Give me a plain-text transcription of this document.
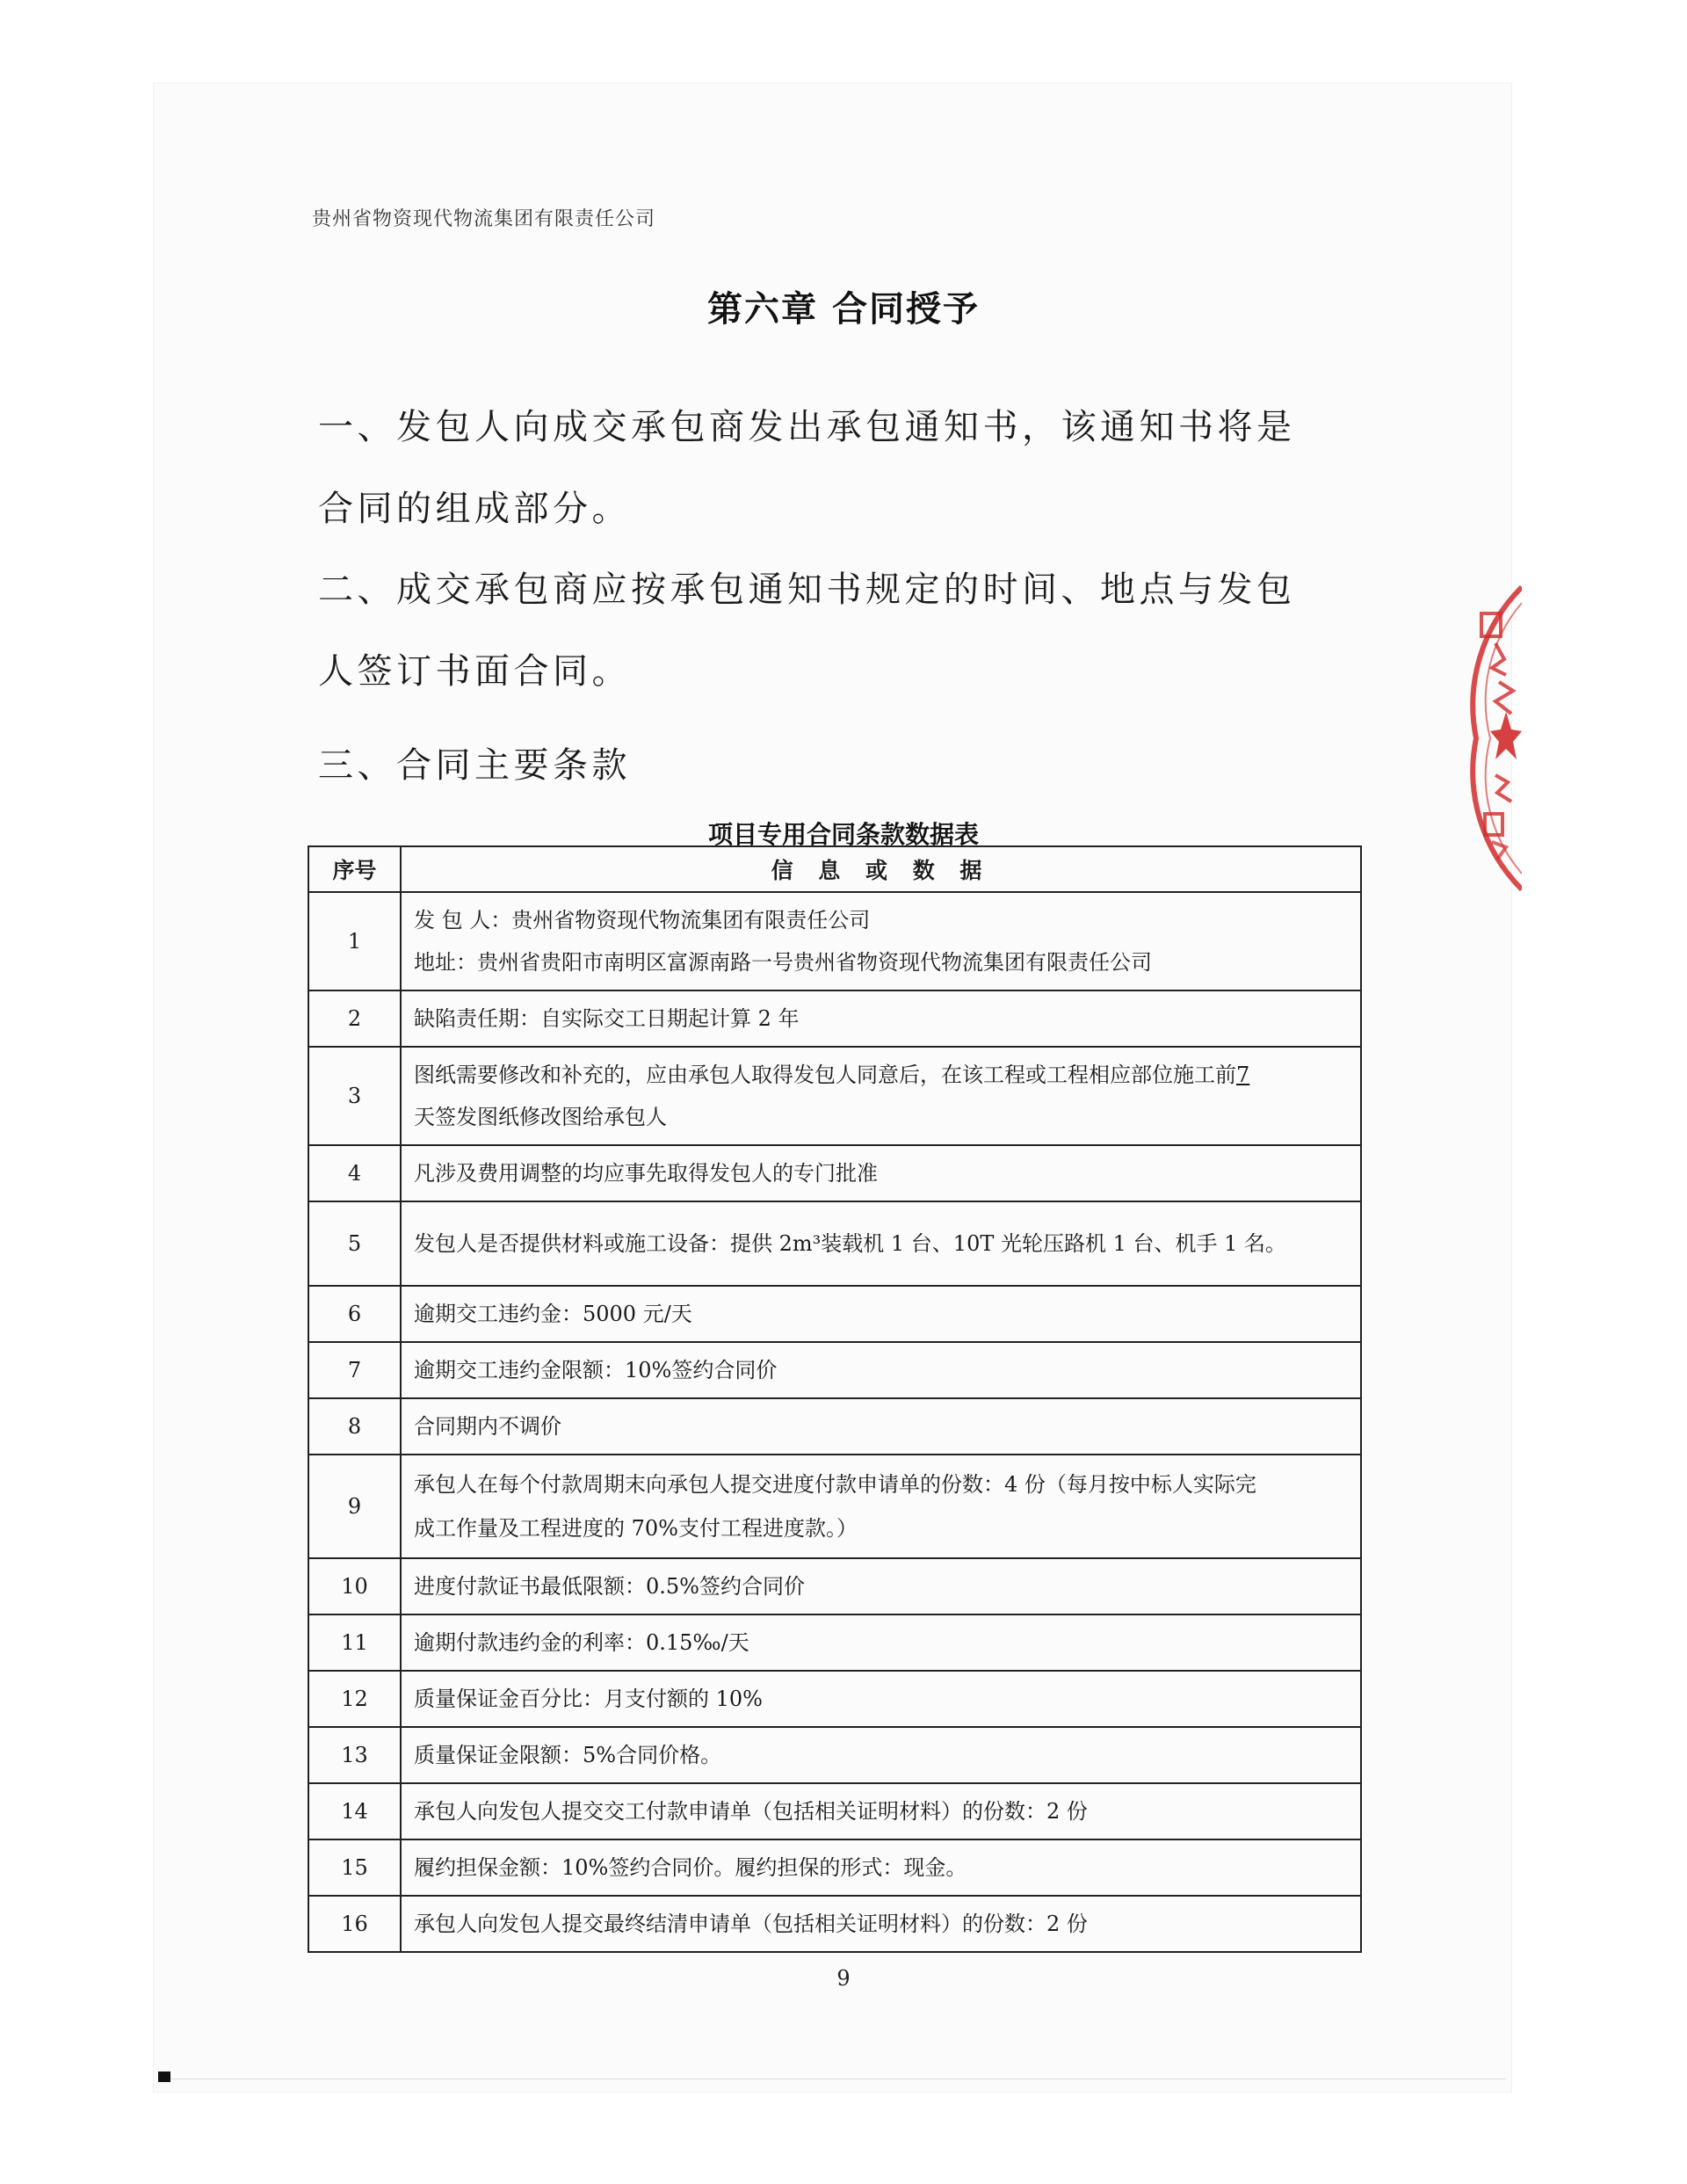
贵州省物资现代物流集团有限责任公司
第六章 合同授予
一、发包人向成交承包商发出承包通知书，该通知书将是合同的组成部分。
二、成交承包商应按承包通知书规定的时间、地点与发包人签订书面合同。
三、合同主要条款
项目专用合同条款数据表
序号	信 息 或 数 据
1	发 包 人：贵州省物资现代物流集团有限责任公司
地址：贵州省贵阳市南明区富源南路一号贵州省物资现代物流集团有限责任公司

2	缺陷责任期：自实际交工日期起计算 2 年

3	图纸需要修改和补充的，应由承包人取得发包人同意后，在该工程或工程相应部位施工前7
天签发图纸修改图给承包人

4	凡涉及费用调整的均应事先取得发包人的专门批准

5	发包人是否提供材料或施工设备：提供 2m³装载机 1 台、10T 光轮压路机 1 台、机手 1 名。

6	逾期交工违约金：5000 元/天

7	逾期交工违约金限额：10%签约合同价

8	合同期内不调价

9	承包人在每个付款周期末向承包人提交进度付款申请单的份数：4 份（每月按中标人实际完
成工作量及工程进度的 70%支付工程进度款。）

10	进度付款证书最低限额：0.5%签约合同价

11	逾期付款违约金的利率：0.15‰/天

12	质量保证金百分比：月支付额的 10%

13	质量保证金限额：5%合同价格。

14	承包人向发包人提交交工付款申请单（包括相关证明材料）的份数：2 份

15	履约担保金额：10%签约合同价。履约担保的形式：现金。

16	承包人向发包人提交最终结清申请单（包括相关证明材料）的份数：2 份
9
